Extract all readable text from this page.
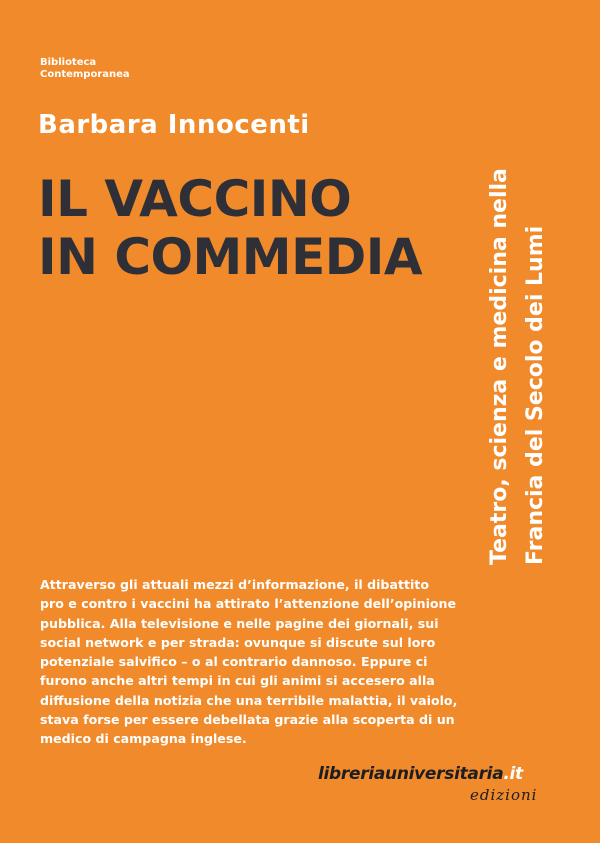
Biblioteca
Contemporanea
Barbara Innocenti
IL VACCINO
IN COMMEDIA	Teatro, scienza e medicina nella Francia del Secolo dei Lumi
Attraverso gli attuali mezzi d’informazione, il dibattito
pro e contro i vaccini ha attirato l’attenzione dell’opinione
pubblica. Alla televisione e nelle pagine dei giornali, sui
social network e per strada: ovunque si discute sul loro
potenziale salvifico – o al contrario dannoso. Eppure ci
furono anche altri tempi in cui gli animi si accesero alla
diffusione della notizia che una terribile malattia, il vaiolo,
stava forse per essere debellata grazie alla scoperta di un
medico di campagna inglese.
libreriauniversitaria.it
edizioni
